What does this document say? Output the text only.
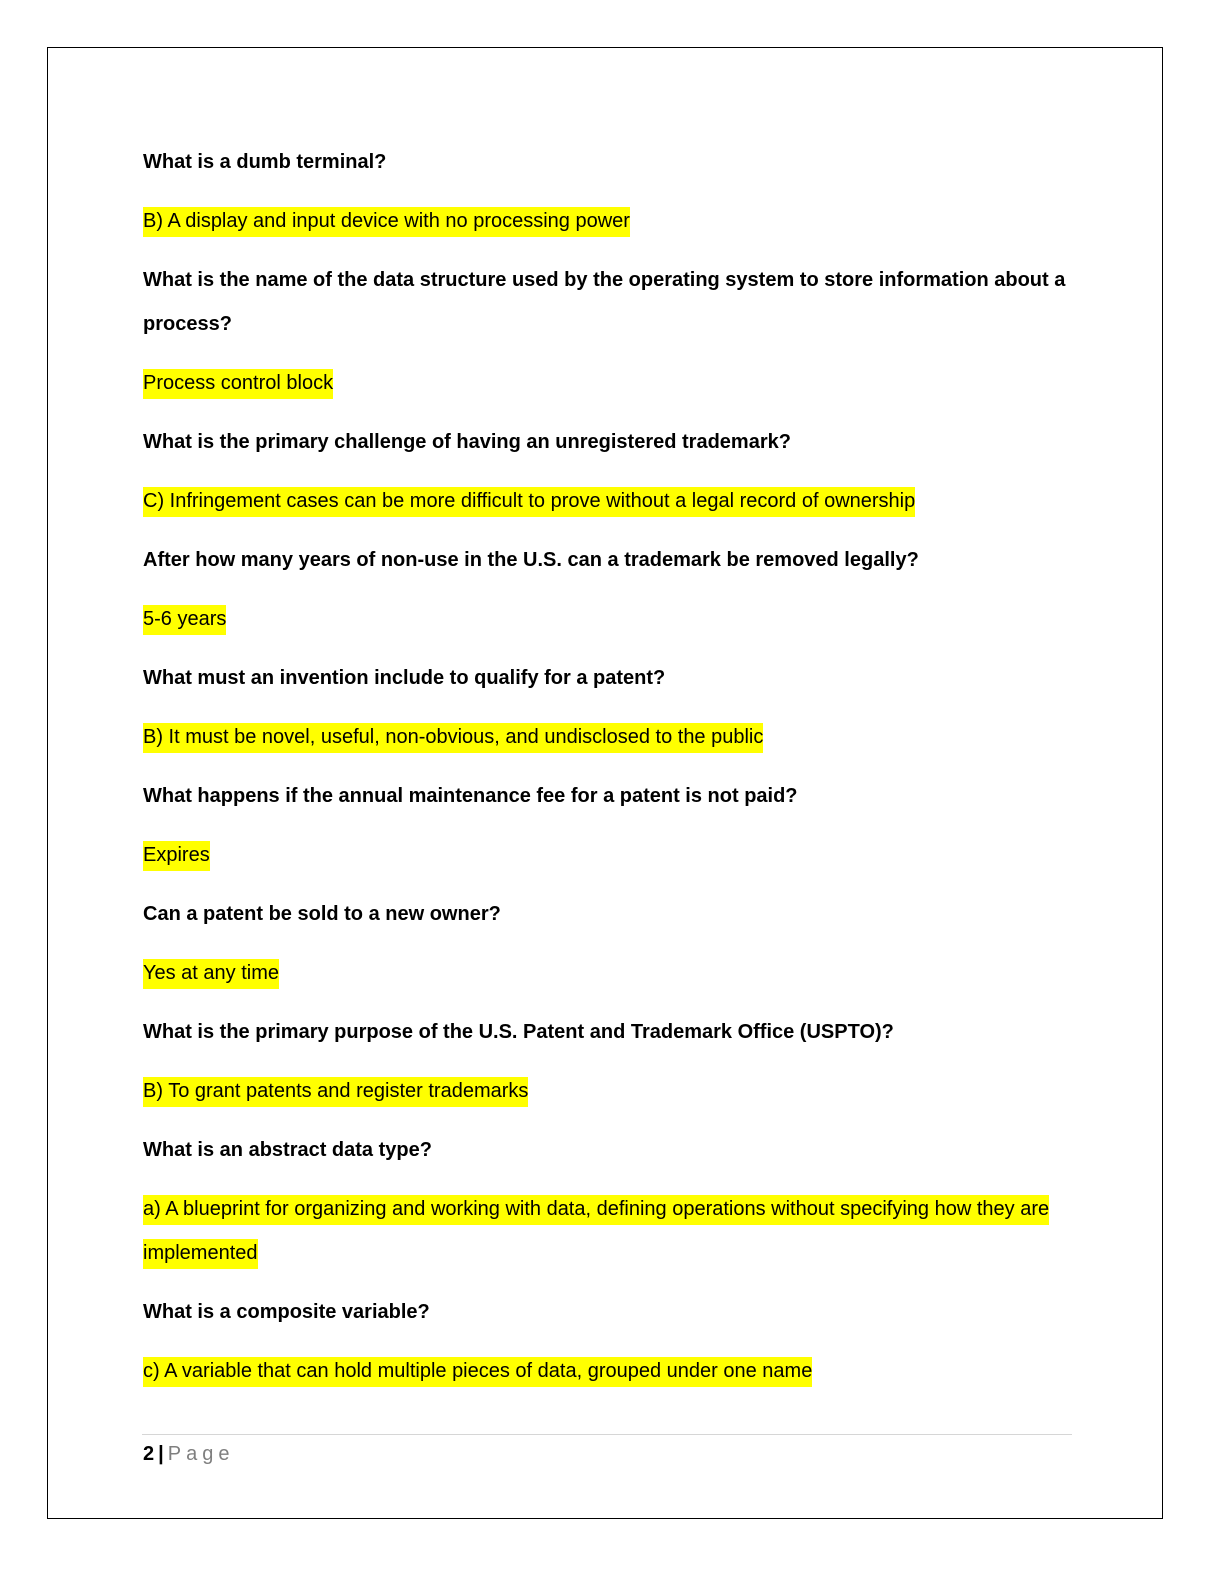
What is a dumb terminal?

B) A display and input device with no processing power

What is the name of the data structure used by the operating system to store information about a process?

Process control block

What is the primary challenge of having an unregistered trademark?

C) Infringement cases can be more difficult to prove without a legal record of ownership

After how many years of non-use in the U.S. can a trademark be removed legally?

5-6 years

What must an invention include to qualify for a patent?

B) It must be novel, useful, non-obvious, and undisclosed to the public

What happens if the annual maintenance fee for a patent is not paid?

Expires

Can a patent be sold to a new owner?

Yes at any time

What is the primary purpose of the U.S. Patent and Trademark Office (USPTO)?

B) To grant patents and register trademarks

What is an abstract data type?

a) A blueprint for organizing and working with data, defining operations without specifying how they are implemented

What is a composite variable?

c) A variable that can hold multiple pieces of data, grouped under one name

2 | Page
